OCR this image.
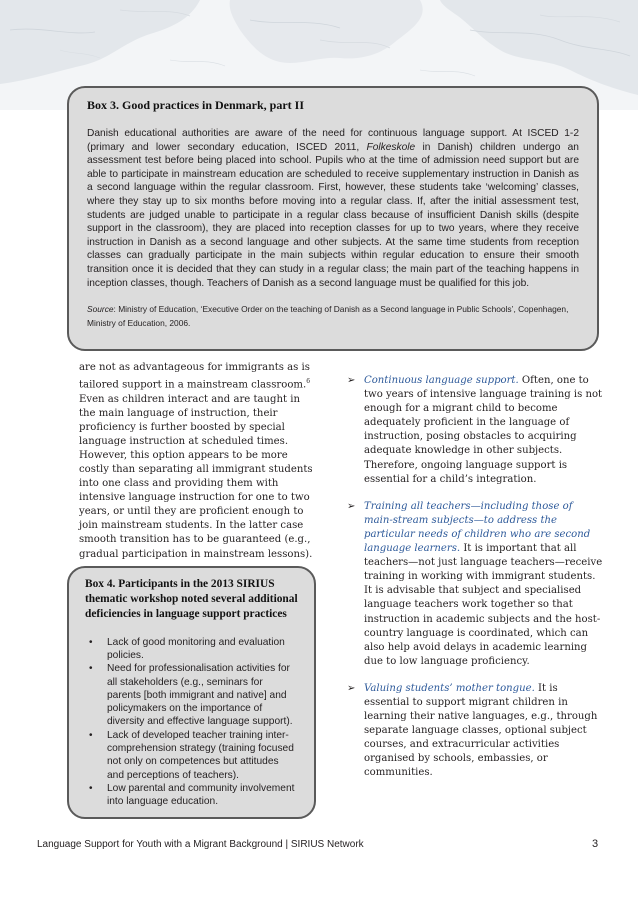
Box 3. Good practices in Denmark, part II
Danish educational authorities are aware of the need for continuous language support. At ISCED 1-2 (primary and lower secondary education, ISCED 2011, Folkeskole in Danish) children undergo an assessment test before being placed into school. Pupils who at the time of admission need support but are able to participate in mainstream education are scheduled to receive supplementary instruction in Danish as a second language within the regular classroom. First, however, these students take ‘welcoming’ classes, where they stay up to six months before moving into a regular class. If, after the initial assessment test, students are judged unable to participate in a regular class because of insufficient Danish skills (despite support in the classroom), they are placed into reception classes for up to two years, where they receive instruction in Danish as a second language and other subjects. At the same time students from reception classes can gradually participate in the main subjects within regular education to ensure their smooth transition once it is decided that they can study in a regular class; the main part of the teaching happens in inception classes, though. Teachers of Danish as a second language must be qualified for this job.
Source: Ministry of Education, ‘Executive Order on the teaching of Danish as a Second language in Public Schools’, Copenhagen, Ministry of Education, 2006.
are not as advantageous for immigrants as is tailored support in a mainstream classroom.$^6$ Even as children interact and are taught in the main language of instruction, their proficiency is further boosted by special language instruction at scheduled times. However, this option appears to be more costly than separating all immigrant students into one class and providing them with intensive language instruction for one to two years, or until they are proficient enough to join mainstream students. In the latter case smooth transition has to be guaranteed (e.g., gradual participation in mainstream lessons).
Box 4. Participants in the 2013 SIRIUS thematic workshop noted several additional deficiencies in language support practices
• Lack of good monitoring and evaluation policies.
• Need for professionalisation activities for all stakeholders (e.g., seminars for parents [both immigrant and native] and policymakers on the importance of diversity and effective language support).
• Lack of developed teacher training inter-comprehension strategy (training focused not only on competences but attitudes and perceptions of teachers).
• Low parental and community involvement into language education.
➢ Continuous language support. Often, one to two years of intensive language training is not enough for a migrant child to become adequately proficient in the language of instruction, posing obstacles to acquiring adequate knowledge in other subjects. Therefore, ongoing language support is essential for a child’s integration.
➢ Training all teachers—including those of main-stream subjects—to address the particular needs of children who are second language learners. It is important that all teachers—not just language teachers—receive training in working with immigrant students. It is advisable that subject and specialised language teachers work together so that instruction in academic subjects and the host-country language is coordinated, which can also help avoid delays in academic learning due to low language proficiency.
➢ Valuing students’ mother tongue. It is essential to support migrant children in learning their native languages, e.g., through separate language classes, optional subject courses, and extracurricular activities organised by schools, embassies, or communities.
Language Support for Youth with a Migrant Background | SIRIUS Network	3
